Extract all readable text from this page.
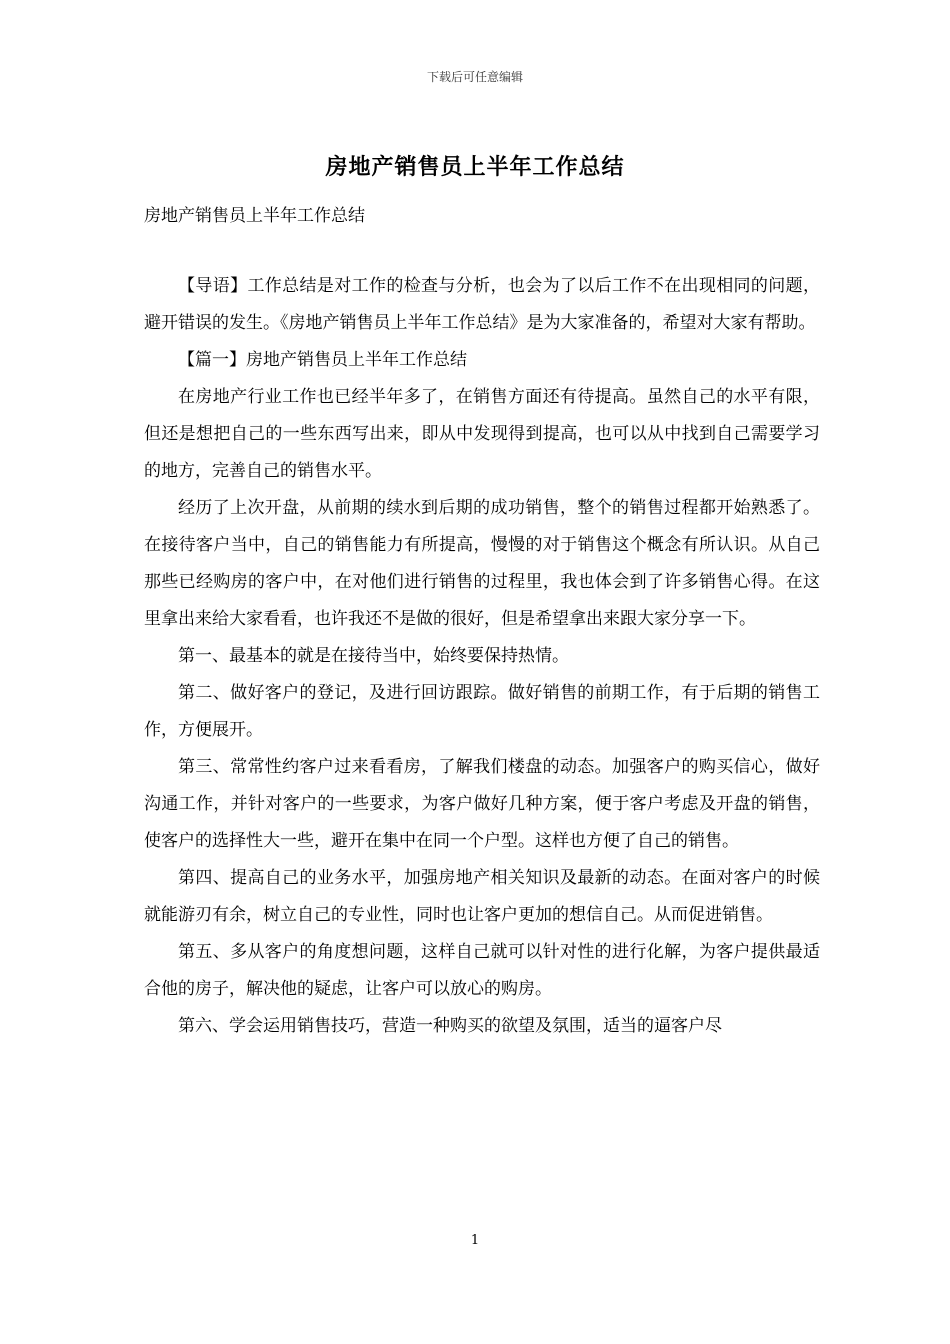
下载后可任意编辑
房地产销售员上半年工作总结
房地产销售员上半年工作总结

【导语】工作总结是对工作的检查与分析，也会为了以后工作不在出现相同的问题，避开错误的发生。《房地产销售员上半年工作总结》是为大家准备的，希望对大家有帮助。

【篇一】房地产销售员上半年工作总结

在房地产行业工作也已经半年多了，在销售方面还有待提高。虽然自己的水平有限，但还是想把自己的一些东西写出来，即从中发现得到提高，也可以从中找到自己需要学习的地方，完善自己的销售水平。

经历了上次开盘，从前期的续水到后期的成功销售，整个的销售过程都开始熟悉了。在接待客户当中，自己的销售能力有所提高，慢慢的对于销售这个概念有所认识。从自己那些已经购房的客户中，在对他们进行销售的过程里，我也体会到了许多销售心得。在这里拿出来给大家看看，也许我还不是做的很好，但是希望拿出来跟大家分享一下。

第一、最基本的就是在接待当中，始终要保持热情。

第二、做好客户的登记，及进行回访跟踪。做好销售的前期工作，有于后期的销售工作，方便展开。

第三、常常性约客户过来看看房，了解我们楼盘的动态。加强客户的购买信心，做好沟通工作，并针对客户的一些要求，为客户做好几种方案，便于客户考虑及开盘的销售，使客户的选择性大一些，避开在集中在同一个户型。这样也方便了自己的销售。

第四、提高自己的业务水平，加强房地产相关知识及最新的动态。在面对客户的时候就能游刃有余，树立自己的专业性，同时也让客户更加的想信自己。从而促进销售。

第五、多从客户的角度想问题，这样自己就可以针对性的进行化解，为客户提供最适合他的房子，解决他的疑虑，让客户可以放心的购房。

第六、学会运用销售技巧，营造一种购买的欲望及氛围，适当的逼客户尽

1
